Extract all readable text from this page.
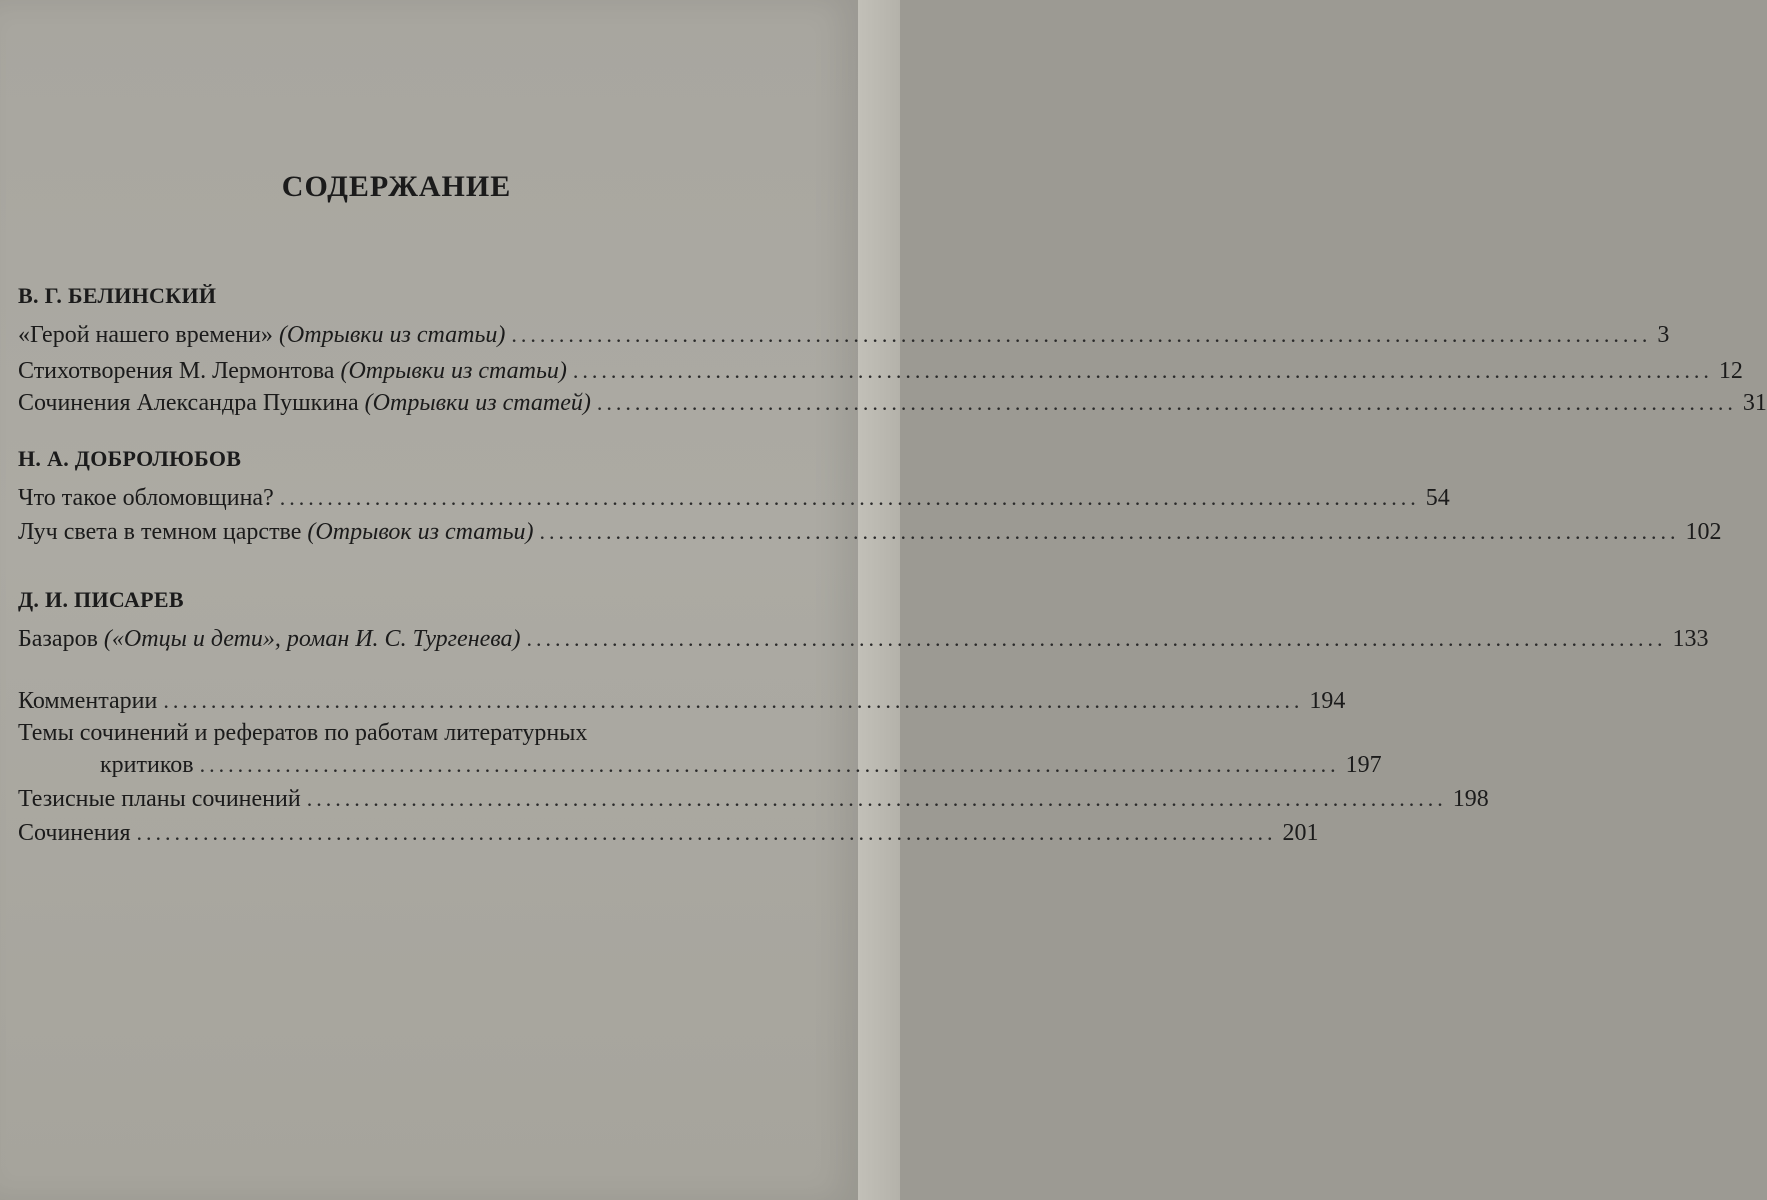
СОДЕРЖАНИЕ
В. Г. БЕЛИНСКИЙ
«Герой нашего времени» (Отрывки из статьи) ........................................................................................................................ 3
Стихотворения М. Лермонтова (Отрывки из статьи) ........................................................................................................................ 12
Сочинения Александра Пушкина (Отрывки из статей) ........................................................................................................................ 31
Н. А. ДОБРОЛЮБОВ
Что такое обломовщина? ........................................................................................................................ 54
Луч света в темном царстве (Отрывок из статьи) ........................................................................................................................ 102
Д. И. ПИСАРЕВ
Базаров («Отцы и дети», роман И. С. Тургенева) ........................................................................................................................ 133
Комментарии ........................................................................................................................ 194
Темы сочинений и рефератов по работам литературных
критиков ........................................................................................................................ 197
Тезисные планы сочинений ........................................................................................................................ 198
Сочинения ........................................................................................................................ 201
